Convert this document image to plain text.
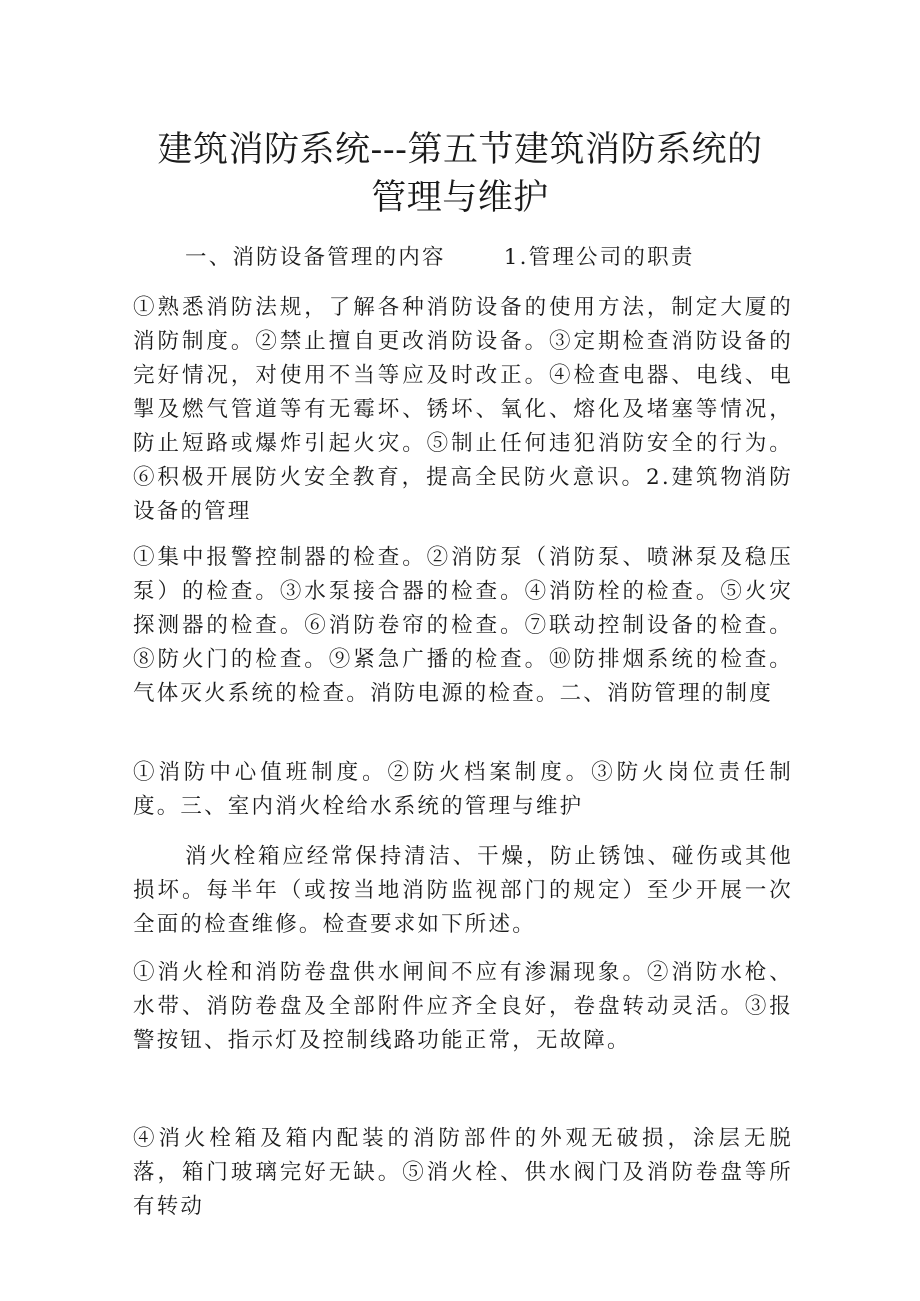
建筑消防系统---第五节建筑消防系统的管理与维护

一、消防设备管理的内容	1.管理公司的职责

①熟悉消防法规，了解各种消防设备的使用方法，制定大厦的消防制度。②禁止擅自更改消防设备。③定期检查消防设备的完好情况，对使用不当等应及时改正。④检查电器、电线、电掣及燃气管道等有无霉坏、锈坏、氧化、熔化及堵塞等情况，防止短路或爆炸引起火灾。⑤制止任何违犯消防安全的行为。⑥积极开展防火安全教育，提高全民防火意识。2.建筑物消防设备的管理

①集中报警控制器的检查。②消防泵（消防泵、喷淋泵及稳压泵）的检查。③水泵接合器的检查。④消防栓的检查。⑤火灾探测器的检查。⑥消防卷帘的检查。⑦联动控制设备的检查。⑧防火门的检查。⑨紧急广播的检查。⑩防排烟系统的检查。气体灭火系统的检查。消防电源的检查。二、消防管理的制度

①消防中心值班制度。②防火档案制度。③防火岗位责任制度。三、室内消火栓给水系统的管理与维护

消火栓箱应经常保持清洁、干燥，防止锈蚀、碰伤或其他损坏。每半年（或按当地消防监视部门的规定）至少开展一次全面的检查维修。检查要求如下所述。

①消火栓和消防卷盘供水闸间不应有渗漏现象。②消防水枪、水带、消防卷盘及全部附件应齐全良好，卷盘转动灵活。③报警按钮、指示灯及控制线路功能正常，无故障。

④消火栓箱及箱内配装的消防部件的外观无破损，涂层无脱落，箱门玻璃完好无缺。⑤消火栓、供水阀门及消防卷盘等所有转动
